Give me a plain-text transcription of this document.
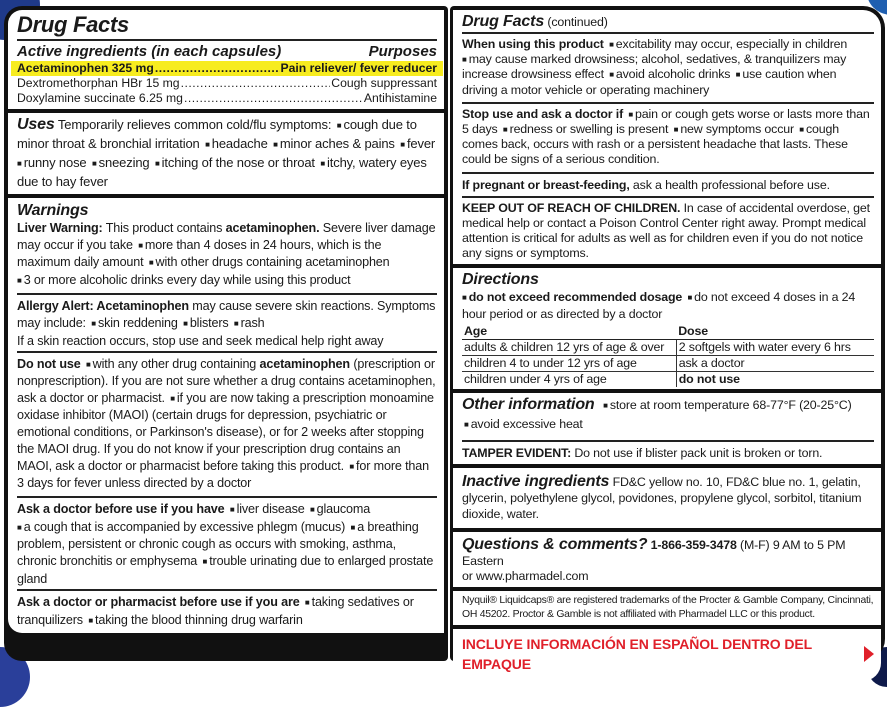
Drug Facts
Active ingredients (in each capsules)	Purposes
Acetaminophen 325 mg .....	Pain reliever/ fever reducer
Dextromethorphan HBr 15 mg .....	Cough suppressant
Doxylamine succinate 6.25 mg .....	Antihistamine
Uses Temporarily relieves common cold/flu symptoms: ■ cough due to minor throat & bronchial irritation ■ headache ■ minor aches & pains ■ fever
■ runny nose ■ sneezing ■ itching of the nose or throat ■ itchy, watery eyes due to hay fever
Warnings
Liver Warning: This product contains acetaminophen. Severe liver damage may occur if you take ■ more than 4 doses in 24 hours, which is the maximum daily amount ■ with other drugs containing acetaminophen
■ 3 or more alcoholic drinks every day while using this product
Allergy Alert: Acetaminophen may cause severe skin reactions. Symptoms may include: ■ skin reddening ■ blisters ■ rash
If a skin reaction occurs, stop use and seek medical help right away
Do not use ■ with any other drug containing acetaminophen (prescription or nonprescription). If you are not sure whether a drug contains acetaminophen, ask a doctor or pharmacist. ■ if you are now taking a prescription monoamine oxidase inhibitor (MAOI) (certain drugs for depression, psychiatric or emotional conditions, or Parkinson's disease), or for 2 weeks after stopping the MAOI drug. If you do not know if your prescription drug contains an MAOI, ask a doctor or pharmacist before taking this product. ■ for more than 3 days for fever unless directed by a doctor
Ask a doctor before use if you have ■ liver disease ■ glaucoma
■ a cough that is accompanied by excessive phlegm (mucus) ■ a breathing problem, persistent or chronic cough as occurs with smoking, asthma, chronic bronchitis or emphysema ■ trouble urinating due to enlarged prostate gland
Ask a doctor or pharmacist before use if you are ■ taking sedatives or tranquilizers ■ taking the blood thinning drug warfarin
Drug Facts (continued)
When using this product ■ excitability may occur, especially in children
■ may cause marked drowsiness; alcohol, sedatives, & tranquilizers may increase drowsiness effect ■ avoid alcoholic drinks ■ use caution when driving a motor vehicle or operating machinery
Stop use and ask a doctor if ■ pain or cough gets worse or lasts more than 5 days ■ redness or swelling is present ■ new symptoms occur ■ cough comes back, occurs with rash or a persistent headache that lasts. These could be signs of a serious condition.
If pregnant or breast-feeding, ask a health professional before use.
KEEP OUT OF REACH OF CHILDREN. In case of accidental overdose, get medical help or contact a Poison Control Center right away. Prompt medical attention is critical for adults as well as for children even if you do not notice any signs or symptoms.
Directions
■ do not exceed recommended dosage ■ do not exceed 4 doses in a 24 hour period or as directed by a doctor
Age	Dose
adults & children 12 yrs of age & over	2 softgels with water every 6 hrs
children 4 to under 12 yrs of age	ask a doctor
children under 4 yrs of age	do not use
Other information ■ store at room temperature 68-77°F (20-25°C)
■ avoid excessive heat
TAMPER EVIDENT: Do not use if blister pack unit is broken or torn.
Inactive ingredients FD&C yellow no. 10, FD&C blue no. 1, gelatin, glycerin, polyethylene glycol, povidones, propylene glycol, sorbitol, titanium dioxide, water.
Questions & comments? 1-866-359-3478 (M-F) 9 AM to 5 PM Eastern
or www.pharmadel.com
Nyquil® Liquidcaps® are registered trademarks of the Procter & Gamble Company, Cincinnati, OH 45202. Proctor & Gamble is not affiliated with Pharmadel LLC or this product.
INCLUYE INFORMACIÓN EN ESPAÑOL DENTRO DEL EMPAQUE
